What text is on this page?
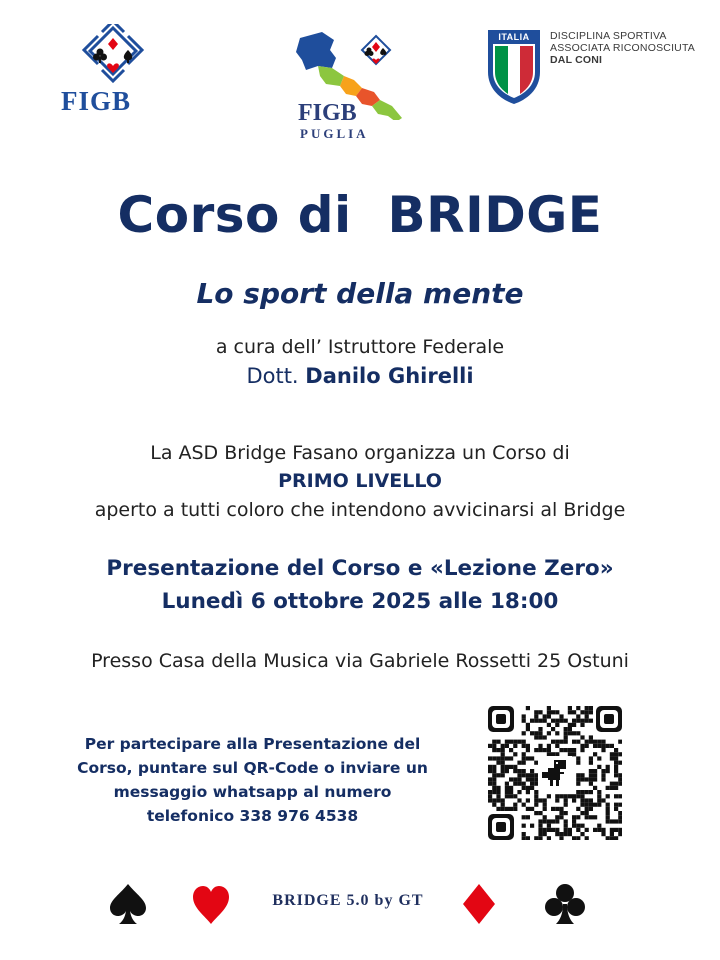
FIGB	FIGB
PUGLIA
ITALIA	DISCIPLINA SPORTIVA
ASSOCIATA RICONOSCIUTA
DAL CONI
Corso di  BRIDGE
Lo sport della mente
a cura dell’ Istruttore Federale
Dott. Danilo Ghirelli
La ASD Bridge Fasano organizza un Corso di
PRIMO LIVELLO
aperto a tutti coloro che intendono avvicinarsi al Bridge
Presentazione del Corso e «Lezione Zero»
Lunedì 6 ottobre 2025 alle 18:00
Presso Casa della Musica via Gabriele Rossetti 25 Ostuni
Per partecipare alla Presentazione del
Corso, puntare sul QR-Code o inviare un
messaggio whatsapp al numero
telefonico 338 976 4538
BRIDGE 5.0 by GT
